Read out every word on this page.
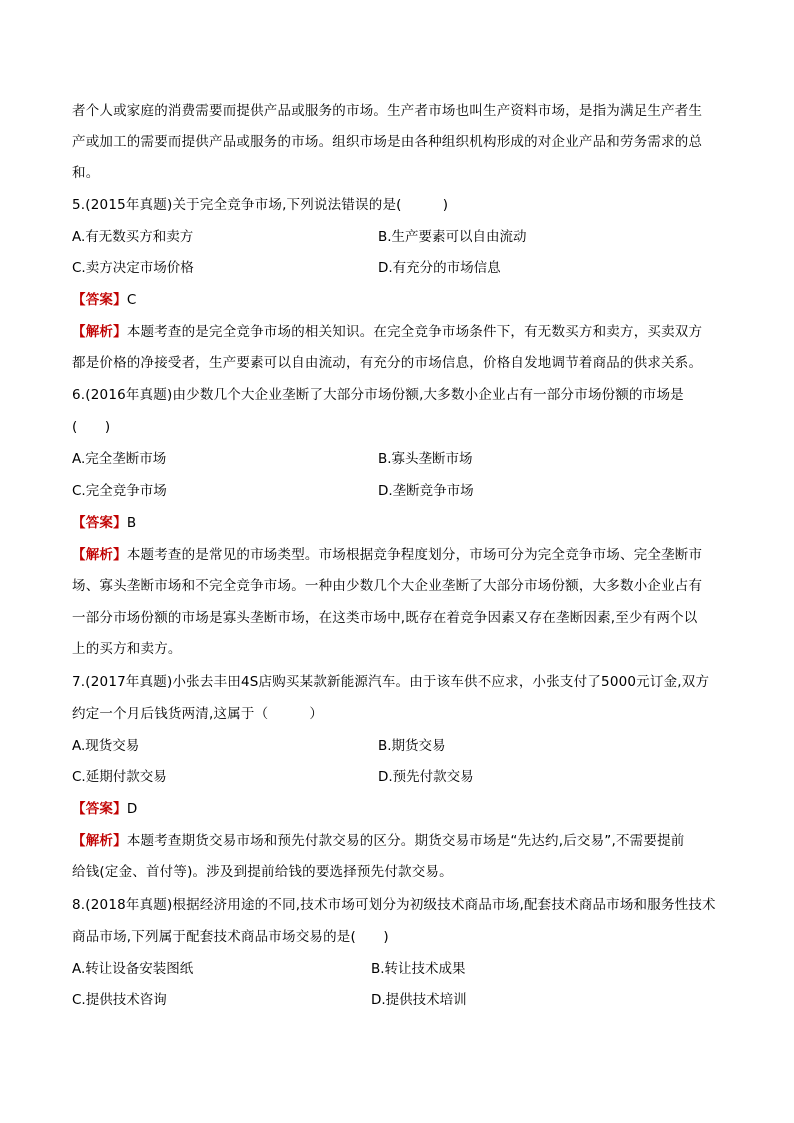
者个人或家庭的消费需要而提供产品或服务的市场。生产者市场也叫生产资料市场，是指为满足生产者生
产或加工的需要而提供产品或服务的市场。组织市场是由各种组织机构形成的对企业产品和劳务需求的总
和。
5.(2015年真题)关于完全竞争市场,下列说法错误的是(　　　)
A.有无数买方和卖方	B.生产要素可以自由流动
C.卖方决定市场价格	D.有充分的市场信息
【答案】C
【解析】本题考查的是完全竞争市场的相关知识。在完全竞争市场条件下，有无数买方和卖方，买卖双方
都是价格的净接受者，生产要素可以自由流动，有充分的市场信息，价格自发地调节着商品的供求关系。
6.(2016年真题)由少数几个大企业垄断了大部分市场份额,大多数小企业占有一部分市场份额的市场是
(　　)
A.完全垄断市场	B.寡头垄断市场
C.完全竞争市场	D.垄断竞争市场
【答案】B
【解析】本题考查的是常见的市场类型。市场根据竞争程度划分，市场可分为完全竞争市场、完全垄断市
场、寡头垄断市场和不完全竞争市场。一种由少数几个大企业垄断了大部分市场份额，大多数小企业占有
一部分市场份额的市场是寡头垄断市场，在这类市场中,既存在着竞争因素又存在垄断因素,至少有两个以
上的买方和卖方。
7.(2017年真题)小张去丰田4S店购买某款新能源汽车。由于该车供不应求，小张支付了5000元订金,双方
约定一个月后钱货两清,这属于（　　　）
A.现货交易	B.期货交易
C.延期付款交易	D.预先付款交易
【答案】D
【解析】本题考查期货交易市场和预先付款交易的区分。期货交易市场是“先达约,后交易”,不需要提前
给钱(定金、首付等)。涉及到提前给钱的要选择预先付款交易。
8.(2018年真题)根据经济用途的不同,技术市场可划分为初级技术商品市场,配套技术商品市场和服务性技术
商品市场,下列属于配套技术商品市场交易的是(　　)
A.转让设备安装图纸	B.转让技术成果
C.提供技术咨询	D.提供技术培训
